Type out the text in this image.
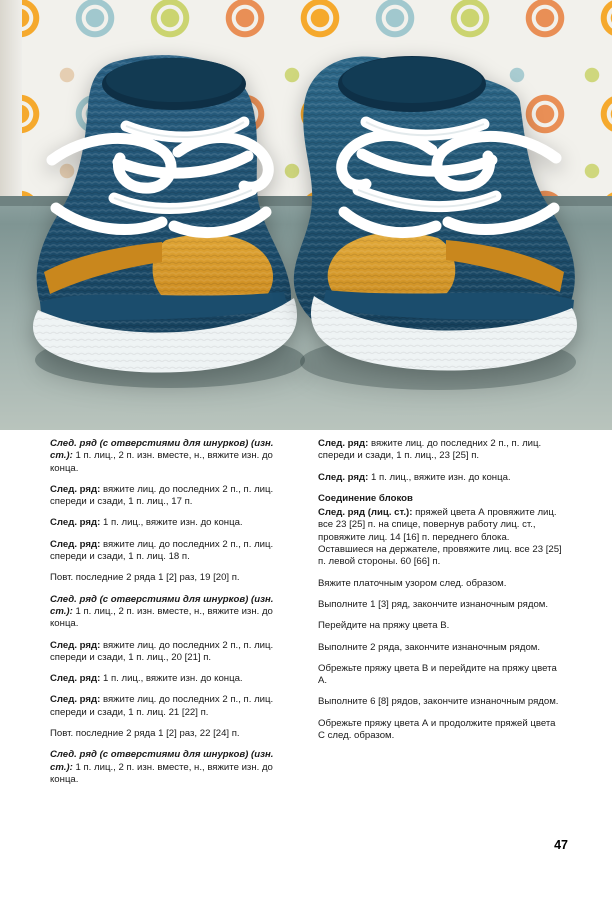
След. ряд (с отверстиями для шнурков) (изн. ст.): 1 п. лиц., 2 п. изн. вместе, н., вяжите изн. до конца.

След. ряд: вяжите лиц. до последних 2 п., п. лиц. спереди и сзади, 1 п. лиц., 17 п.

След. ряд: 1 п. лиц., вяжите изн. до конца.

След. ряд: вяжите лиц. до последних 2 п., п. лиц. спереди и сзади, 1 п. лиц. 18 п.

Повт. последние 2 ряда 1 [2] раз, 19 [20] п.

След. ряд (с отверстиями для шнурков) (изн. ст.): 1 п. лиц., 2 п. изн. вместе, н., вяжите изн. до конца.

След. ряд: вяжите лиц. до последних 2 п., п. лиц. спереди и сзади, 1 п. лиц., 20 [21] п.

След. ряд: 1 п. лиц., вяжите изн. до конца.

След. ряд: вяжите лиц. до последних 2 п., п. лиц. спереди и сзади, 1 п. лиц. 21 [22] п.

Повт. последние 2 ряда 1 [2] раз, 22 [24] п.

След. ряд (с отверстиями для шнурков) (изн. ст.): 1 п. лиц., 2 п. изн. вместе, н., вяжите изн. до конца.

След. ряд: вяжите лиц. до последних 2 п., п. лиц. спереди и сзади, 1 п. лиц., 23 [25] п.

След. ряд: 1 п. лиц., вяжите изн. до конца.

Соединение блоков

След. ряд (лиц. ст.): пряжей цвета А провяжите лиц. все 23 [25] п. на спице, повернув работу лиц. ст., провяжите лиц. 14 [16] п. переднего блока. Оставшиеся на держателе, провяжите лиц. все 23 [25] п. левой стороны. 60 [66] п.

Вяжите платочным узором след. образом.

Выполните 1 [3] ряд, закончите изнаночным рядом.

Перейдите на пряжу цвета В.

Выполните 2 ряда, закончите изнаночным рядом.

Обрежьте пряжу цвета В и перейдите на пряжу цвета А.

Выполните 6 [8] рядов, закончите изнаночным рядом.

Обрежьте пряжу цвета А и продолжите пряжей цвета С след. образом.

47
